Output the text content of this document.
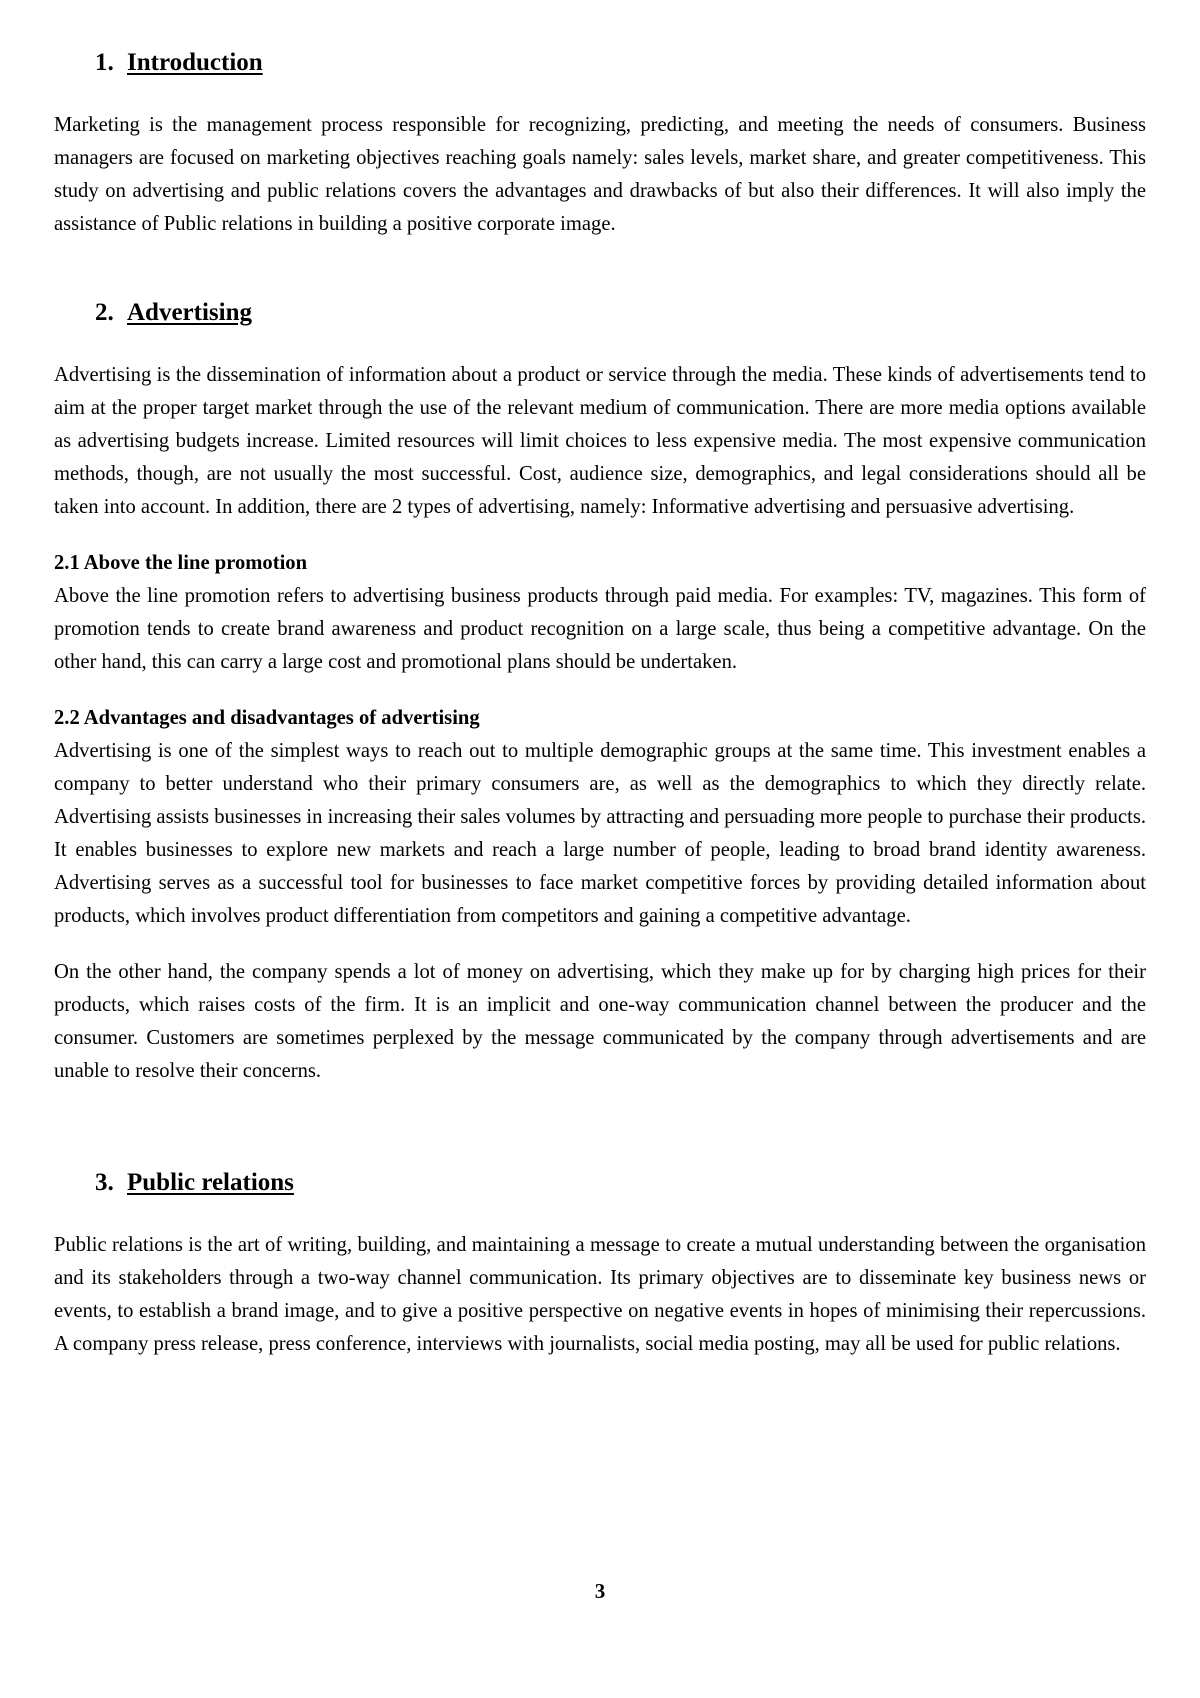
1. Introduction

Marketing is the management process responsible for recognizing, predicting, and meeting the needs of consumers. Business managers are focused on marketing objectives reaching goals namely: sales levels, market share, and greater competitiveness. This study on advertising and public relations covers the advantages and drawbacks of but also their differences. It will also imply the assistance of Public relations in building a positive corporate image.

2. Advertising

Advertising is the dissemination of information about a product or service through the media. These kinds of advertisements tend to aim at the proper target market through the use of the relevant medium of communication. There are more media options available as advertising budgets increase. Limited resources will limit choices to less expensive media. The most expensive communication methods, though, are not usually the most successful. Cost, audience size, demographics, and legal considerations should all be taken into account. In addition, there are 2 types of advertising, namely: Informative advertising and persuasive advertising.

2.1 Above the line promotion

Above the line promotion refers to advertising business products through paid media. For examples: TV, magazines. This form of promotion tends to create brand awareness and product recognition on a large scale, thus being a competitive advantage. On the other hand, this can carry a large cost and promotional plans should be undertaken.

2.2 Advantages and disadvantages of advertising

Advertising is one of the simplest ways to reach out to multiple demographic groups at the same time. This investment enables a company to better understand who their primary consumers are, as well as the demographics to which they directly relate. Advertising assists businesses in increasing their sales volumes by attracting and persuading more people to purchase their products. It enables businesses to explore new markets and reach a large number of people, leading to broad brand identity awareness. Advertising serves as a successful tool for businesses to face market competitive forces by providing detailed information about products, which involves product differentiation from competitors and gaining a competitive advantage.

On the other hand, the company spends a lot of money on advertising, which they make up for by charging high prices for their products, which raises costs of the firm. It is an implicit and one-way communication channel between the producer and the consumer. Customers are sometimes perplexed by the message communicated by the company through advertisements and are unable to resolve their concerns.

3. Public relations

Public relations is the art of writing, building, and maintaining a message to create a mutual understanding between the organisation and its stakeholders through a two-way channel communication. Its primary objectives are to disseminate key business news or events, to establish a brand image, and to give a positive perspective on negative events in hopes of minimising their repercussions. A company press release, press conference, interviews with journalists, social media posting, may all be used for public relations.

3
